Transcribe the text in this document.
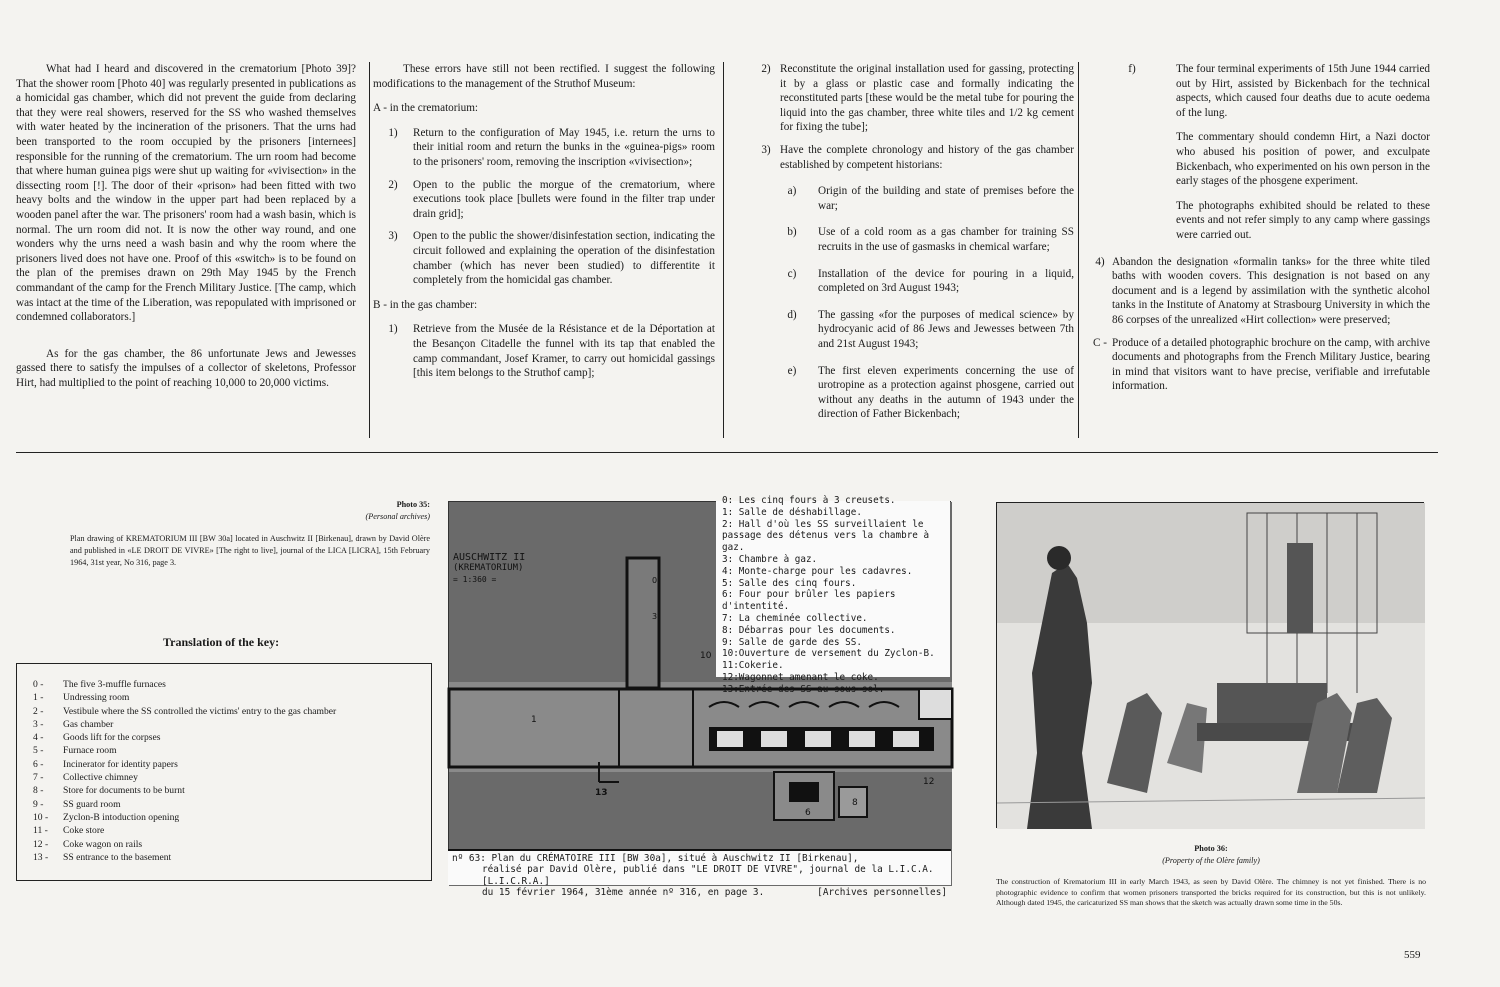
What had I heard and discovered in the crematorium [Photo 39]? That the shower room [Photo 40] was regularly presented in publications as a homicidal gas chamber, which did not prevent the guide from declaring that they were real showers, reserved for the SS who washed themselves with water heated by the incineration of the prisoners. That the urns had been transported to the room occupied by the prisoners [internees] responsible for the running of the crematorium. The urn room had become that where human guinea pigs were shut up waiting for «vivisection» in the dissecting room [!]. The door of their «prison» had been fitted with two heavy bolts and the window in the upper part had been replaced by a wooden panel after the war. The prisoners' room had a wash basin, which is normal. The urn room did not. It is now the other way round, and one wonders why the urns need a wash basin and why the room where the prisoners lived does not have one. Proof of this «switch» is to be found on the plan of the premises drawn on 29th May 1945 by the French commandant of the camp for the French Military Justice. [The camp, which was intact at the time of the Liberation, was repopulated with imprisoned or condemned collaborators.]

As for the gas chamber, the 86 unfortunate Jews and Jewesses gassed there to satisfy the impulses of a collector of skeletons, Professor Hirt, had multiplied to the point of reaching 10,000 to 20,000 victims.

These errors have still not been rectified. I suggest the following modifications to the management of the Struthof Museum:

A - in the crematorium:
1)	Return to the configuration of May 1945, i.e. return the urns to their initial room and return the bunks in the «guinea-pigs» room to the prisoners' room, removing the inscription «vivisection»;
2)	Open to the public the morgue of the crematorium, where executions took place [bullets were found in the filter trap under drain grid];
3)	Open to the public the shower/disinfestation section, indicating the circuit followed and explaining the operation of the disinfestation chamber (which has never been studied) to differentite it completely from the homicidal gas chamber.
B - in the gas chamber:
1)	Retrieve from the Musée de la Résistance et de la Déportation at the Besançon Citadelle the funnel with its tap that enabled the camp commandant, Josef Kramer, to carry out homicidal gassings [this item belongs to the Struthof camp];
2) Reconstitute the original installation used for gassing, protecting it by a glass or plastic case and formally indicating the reconstituted parts [these would be the metal tube for pouring the liquid into the gas chamber, three white tiles and 1/2 kg cement for fixing the tube];
3) Have the complete chronology and history of the gas chamber established by competent historians:
a)	Origin of the building and state of premises before the war;
b)	Use of a cold room as a gas chamber for training SS recruits in the use of gasmasks in chemical warfare;
c)	Installation of the device for pouring in a liquid, completed on 3rd August 1943;
d)	The gassing «for the purposes of medical science» by hydrocyanic acid of 86 Jews and Jewesses between 7th and 21st August 1943;
e)	The first eleven experiments concerning the use of urotropine as a protection against phosgene, carried out without any deaths in the autumn of 1943 under the direction of Father Bickenbach;
f)	The four terminal experiments of 15th June 1944 carried out by Hirt, assisted by Bickenbach for the technical aspects, which caused four deaths due to acute oedema of the lung.

The commentary should condemn Hirt, a Nazi doctor who abused his position of power, and exculpate Bickenbach, who experimented on his own person in the early stages of the phosgene experiment.

The photographs exhibited should be related to these events and not refer simply to any camp where gassings were carried out.

4) Abandon the designation «formalin tanks» for the three white tiled baths with wooden covers. This designation is not based on any document and is a legend by assimilation with the synthetic alcohol tanks in the Institute of Anatomy at Strasbourg University in which the 86 corpses of the unrealized «Hirt collection» were preserved;
C - Produce of a detailed photographic brochure on the camp, with archive documents and photographs from the French Military Justice, bearing in mind that visitors want to have precise, verifiable and irrefutable information.
Photo 35:
(Personal archives)
Plan drawing of KREMATORIUM III [BW 30a] located in Auschwitz II [Birkenau], drawn by David Olère and published in «LE DROIT DE VIVRE» [The right to live], journal of the LICA [LICRA], 15th February 1964, 31st year, No 316, page 3.
Translation of the key:
0 -	The five 3-muffle furnaces
1 -	Undressing room
2 -	Vestibule where the SS controlled the victims' entry to the gas chamber
3 -	Gas chamber
4 -	Goods lift for the corpses
5 -	Furnace room
6 -	Incinerator for identity papers
7 -	Collective chimney
8 -	Store for documents to be burnt
9 -	SS guard room
10 -	Zyclon-B intoduction opening
11 -	Coke store
12 -	Coke wagon on rails
13 -	SS entrance to the basement
1
13
6
8
12
10
0
3
AUSCHWITZ II
(KREMATORIUM)
= 1:360 =
0: Les cinq fours à 3 creusets.
1: Salle de déshabillage.
2: Hall d'où les SS surveillaient le passage des détenus vers la chambre à gaz.
3: Chambre à gaz.
4: Monte-charge pour les cadavres.
5: Salle des cinq fours.
6: Four pour brûler les papiers d'intentité.
7: La cheminée collective.
8: Débarras pour les documents.
9: Salle de garde des SS.
10:Ouverture de versement du Zyclon-B.
11:Cokerie.
12:Wagonnet amenant le coke.
13:Entrée des SS au sous-sol.
nº 63: Plan du CRÉMATOIRE III [BW 30a], situé à Auschwitz II [Birkenau],
réalisé par David Olère, publié dans "LE DROIT DE VIVRE", journal de la L.I.C.A. [L.I.C.R.A.]
du 15 février 1964, 31ème année nº 316, en page 3.	[Archives personnelles]
Photo 36:
(Property of the Olère family)
The construction of Krematorium III in early March 1943, as seen by David Olère. The chimney is not yet finished. There is no photographic evidence to confirm that women prisoners transported the bricks required for its construction, but this is not unlikely. Although dated 1945, the caricaturized SS man shows that the sketch was actually drawn some time in the 50s.
559
